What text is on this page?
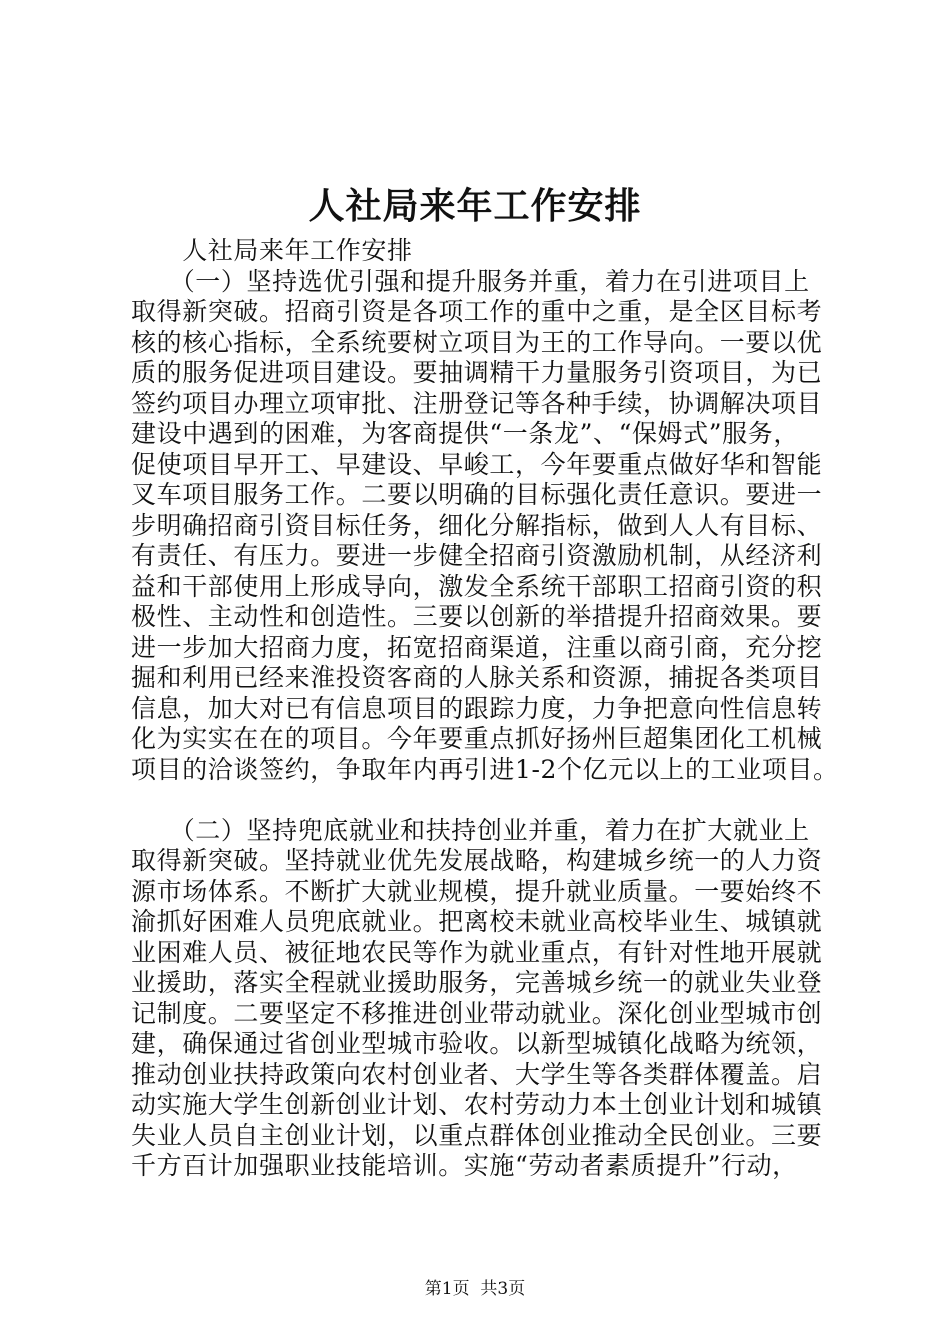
人社局来年工作安排
　　人社局来年工作安排
　　（一）坚持选优引强和提升服务并重，着力在引进项目上
取得新突破。招商引资是各项工作的重中之重，是全区目标考
核的核心指标，全系统要树立项目为王的工作导向。一要以优
质的服务促进项目建设。要抽调精干力量服务引资项目，为已
签约项目办理立项审批、注册登记等各种手续，协调解决项目
建设中遇到的困难，为客商提供“一条龙”、“保姆式”服务，
促使项目早开工、早建设、早峻工，今年要重点做好华和智能
叉车项目服务工作。二要以明确的目标强化责任意识。要进一
步明确招商引资目标任务，细化分解指标，做到人人有目标、
有责任、有压力。要进一步健全招商引资激励机制，从经济利
益和干部使用上形成导向，激发全系统干部职工招商引资的积
极性、主动性和创造性。三要以创新的举措提升招商效果。要
进一步加大招商力度，拓宽招商渠道，注重以商引商，充分挖
掘和利用已经来淮投资客商的人脉关系和资源，捕捉各类项目
信息，加大对已有信息项目的跟踪力度，力争把意向性信息转
化为实实在在的项目。今年要重点抓好扬州巨超集团化工机械
项目的洽谈签约，争取年内再引进1-2个亿元以上的工业项目。
　　（二）坚持兜底就业和扶持创业并重，着力在扩大就业上
取得新突破。坚持就业优先发展战略，构建城乡统一的人力资
源市场体系。不断扩大就业规模，提升就业质量。一要始终不
渝抓好困难人员兜底就业。把离校未就业高校毕业生、城镇就
业困难人员、被征地农民等作为就业重点，有针对性地开展就
业援助，落实全程就业援助服务，完善城乡统一的就业失业登
记制度。二要坚定不移推进创业带动就业。深化创业型城市创
建，确保通过省创业型城市验收。以新型城镇化战略为统领，
推动创业扶持政策向农村创业者、大学生等各类群体覆盖。启
动实施大学生创新创业计划、农村劳动力本土创业计划和城镇
失业人员自主创业计划，以重点群体创业推动全民创业。三要
千方百计加强职业技能培训。实施“劳动者素质提升”行动，
第1页  共3页
